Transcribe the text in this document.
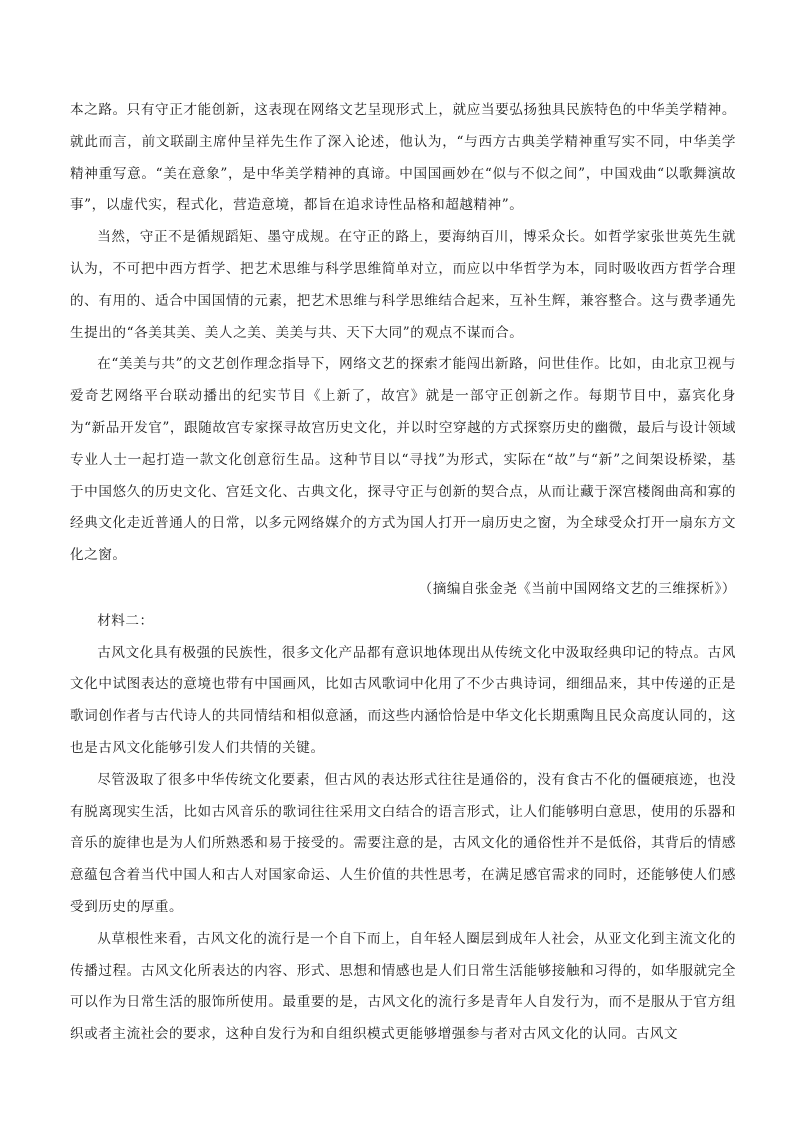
本之路。只有守正才能创新，这表现在网络文艺呈现形式上，就应当要弘扬独具民族特色的中华美学精神。就此而言，前文联副主席仲呈祥先生作了深入论述，他认为，“与西方古典美学精神重写实不同，中华美学精神重写意。“美在意象”，是中华美学精神的真谛。中国国画妙在“似与不似之间”，中国戏曲“以歌舞演故事”，以虚代实，程式化，营造意境，都旨在追求诗性品格和超越精神”。

当然，守正不是循规蹈矩、墨守成规。在守正的路上，要海纳百川，博采众长。如哲学家张世英先生就认为，不可把中西方哲学、把艺术思维与科学思维简单对立，而应以中华哲学为本，同时吸收西方哲学合理的、有用的、适合中国国情的元素，把艺术思维与科学思维结合起来，互补生辉，兼容整合。这与费孝通先生提出的“各美其美、美人之美、美美与共、天下大同”的观点不谋而合。

在“美美与共”的文艺创作理念指导下，网络文艺的探索才能闯出新路，问世佳作。比如，由北京卫视与爱奇艺网络平台联动播出的纪实节目《上新了，故宫》就是一部守正创新之作。每期节目中，嘉宾化身为“新品开发官”，跟随故宫专家探寻故宫历史文化，并以时空穿越的方式探察历史的幽微，最后与设计领域专业人士一起打造一款文化创意衍生品。这种节目以“寻找”为形式，实际在“故”与“新”之间架设桥梁，基于中国悠久的历史文化、宫廷文化、古典文化，探寻守正与创新的契合点，从而让藏于深宫楼阁曲高和寡的经典文化走近普通人的日常，以多元网络媒介的方式为国人打开一扇历史之窗，为全球受众打开一扇东方文化之窗。

（摘编自张金尧《当前中国网络文艺的三维探析》）

材料二：

古风文化具有极强的民族性，很多文化产品都有意识地体现出从传统文化中汲取经典印记的特点。古风文化中试图表达的意境也带有中国画风，比如古风歌词中化用了不少古典诗词，细细品来，其中传递的正是歌词创作者与古代诗人的共同情结和相似意涵，而这些内涵恰恰是中华文化长期熏陶且民众高度认同的，这也是古风文化能够引发人们共情的关键。

尽管汲取了很多中华传统文化要素，但古风的表达形式往往是通俗的，没有食古不化的僵硬痕迹，也没有脱离现实生活，比如古风音乐的歌词往往采用文白结合的语言形式，让人们能够明白意思，使用的乐器和音乐的旋律也是为人们所熟悉和易于接受的。需要注意的是，古风文化的通俗性并不是低俗，其背后的情感意蕴包含着当代中国人和古人对国家命运、人生价值的共性思考，在满足感官需求的同时，还能够使人们感受到历史的厚重。

从草根性来看，古风文化的流行是一个自下而上，自年轻人圈层到成年人社会，从亚文化到主流文化的传播过程。古风文化所表达的内容、形式、思想和情感也是人们日常生活能够接触和习得的，如华服就完全可以作为日常生活的服饰所使用。最重要的是，古风文化的流行多是青年人自发行为，而不是服从于官方组织或者主流社会的要求，这种自发行为和自组织模式更能够增强参与者对古风文化的认同。古风文
